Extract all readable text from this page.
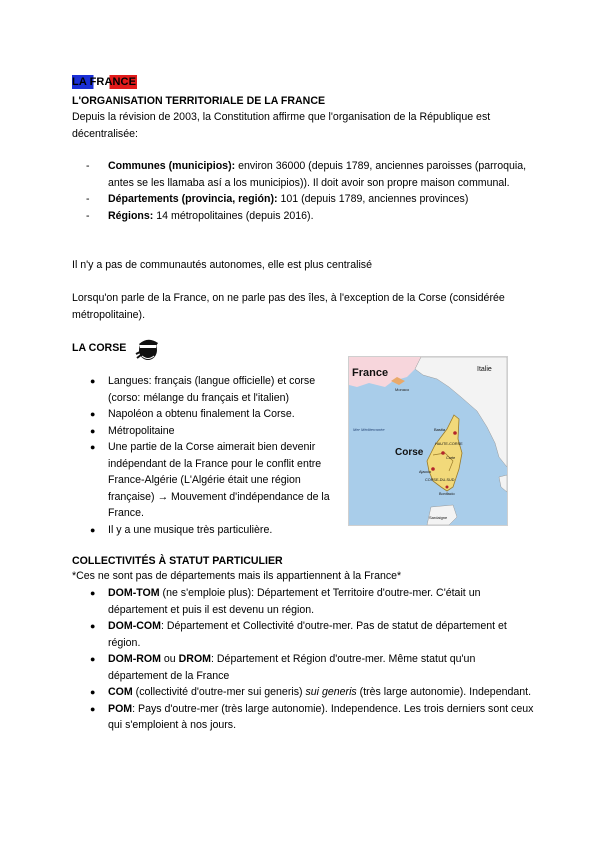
LA FRANCE
L'ORGANISATION TERRITORIALE DE LA FRANCE
Depuis la révision de 2003, la Constitution affirme que l'organisation de la République est décentralisée:
- Communes (municipios): environ 36000 (depuis 1789, anciennes paroisses (parroquia, antes se les llamaba así a los municipios)). Il doit avoir son propre maison communal.
- Départements (provincia, región): 101 (depuis 1789, anciennes provinces)
- Régions: 14 métropolitaines (depuis 2016).
Il n'y a pas de communautés autonomes, elle est plus centralisé
Lorsqu'on parle de la France, on ne parle pas des îles, à l'exception de la Corse (considérée métropolitaine).
LA CORSE
● Langues: français (langue officielle) et corse (corso: mélange du français et l'italien)
● Napoléon a obtenu finalement la Corse.
● Métropolitaine
● Une partie de la Corse aimerait bien devenir indépendant de la France pour le conflit entre France-Algérie (L'Algérie était une région française) → Mouvement d'indépendance de la France.
● Il y a une musique très particulière.
France	Italie
Monaco
Mer Méditerranée
Corse
Bastia
HAUTE-CORSE
Corte
Ajaccio
CORSE-DU-SUD
Bonifacio
Sardaigne
COLLECTIVITÉS À STATUT PARTICULIER
*Ces ne sont pas de départements mais ils appartiennent à la France*
● DOM-TOM (ne s'emploie plus): Département et Territoire d'outre-mer. C'était un département et puis il est devenu un région.
● DOM-COM: Département et Collectivité d'outre-mer. Pas de statut de département et région.
● DOM-ROM ou DROM: Département et Région d'outre-mer. Même statut qu'un département de la France
● COM (collectivité d'outre-mer sui generis) sui generis (très large autonomie). Independant.
● POM: Pays d'outre-mer (très large autonomie). Independence. Les trois derniers sont ceux qui s'emploient à nos jours.
